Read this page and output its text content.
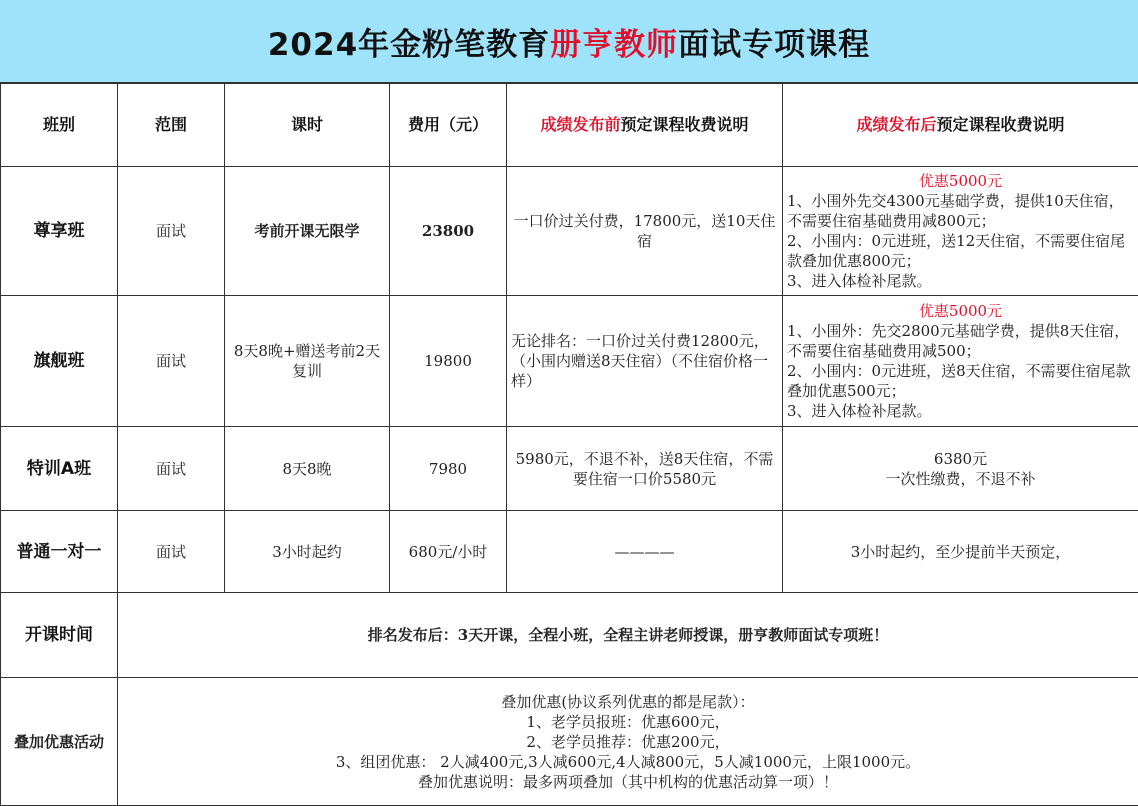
2024年金粉笔教育 册亨教师 面试专项课程
班别	范围	课时	费用（元）	成绩发布前预定课程收费说明	成绩发布后预定课程收费说明
尊享班	面试	考前开课无限学	23800	一口价过关付费，17800元，送10天住宿	优惠5000元
1、小围外先交4300元基础学费，提供10天住宿，不需要住宿基础费用减800元；
2、小围内：0元进班，送12天住宿，不需要住宿尾款叠加优惠800元；
3、进入体检补尾款。

旗舰班	面试	8天8晚+赠送考前2天复训	19800	无论排名：一口价过关付费12800元，（小围内赠送8天住宿）（不住宿价格一样）	优惠5000元
1、小围外：先交2800元基础学费，提供8天住宿，不需要住宿基础费用减500；
2、小围内：0元进班，送8天住宿，不需要住宿尾款叠加优惠500元；
3、进入体检补尾款。

特训A班	面试	8天8晚	7980	5980元，不退不补，送8天住宿，不需要住宿一口价5580元	6380元
一次性缴费，不退不补

普通一对一	面试	3小时起约	680元/小时	————	3小时起约，至少提前半天预定，

开课时间	排名发布后：3天开课，全程小班，全程主讲老师授课，册亨教师面试专项班！				
叠加优惠活动	叠加优惠(协议系列优惠的都是尾款）：
1、老学员报班：优惠600元，
2、老学员推荐：优惠200元，
3、组团优惠： 2人减400元,3人减600元,4人减800元，5人减1000元，上限1000元。
叠加优惠说明：最多两项叠加（其中机构的优惠活动算一项）！				
